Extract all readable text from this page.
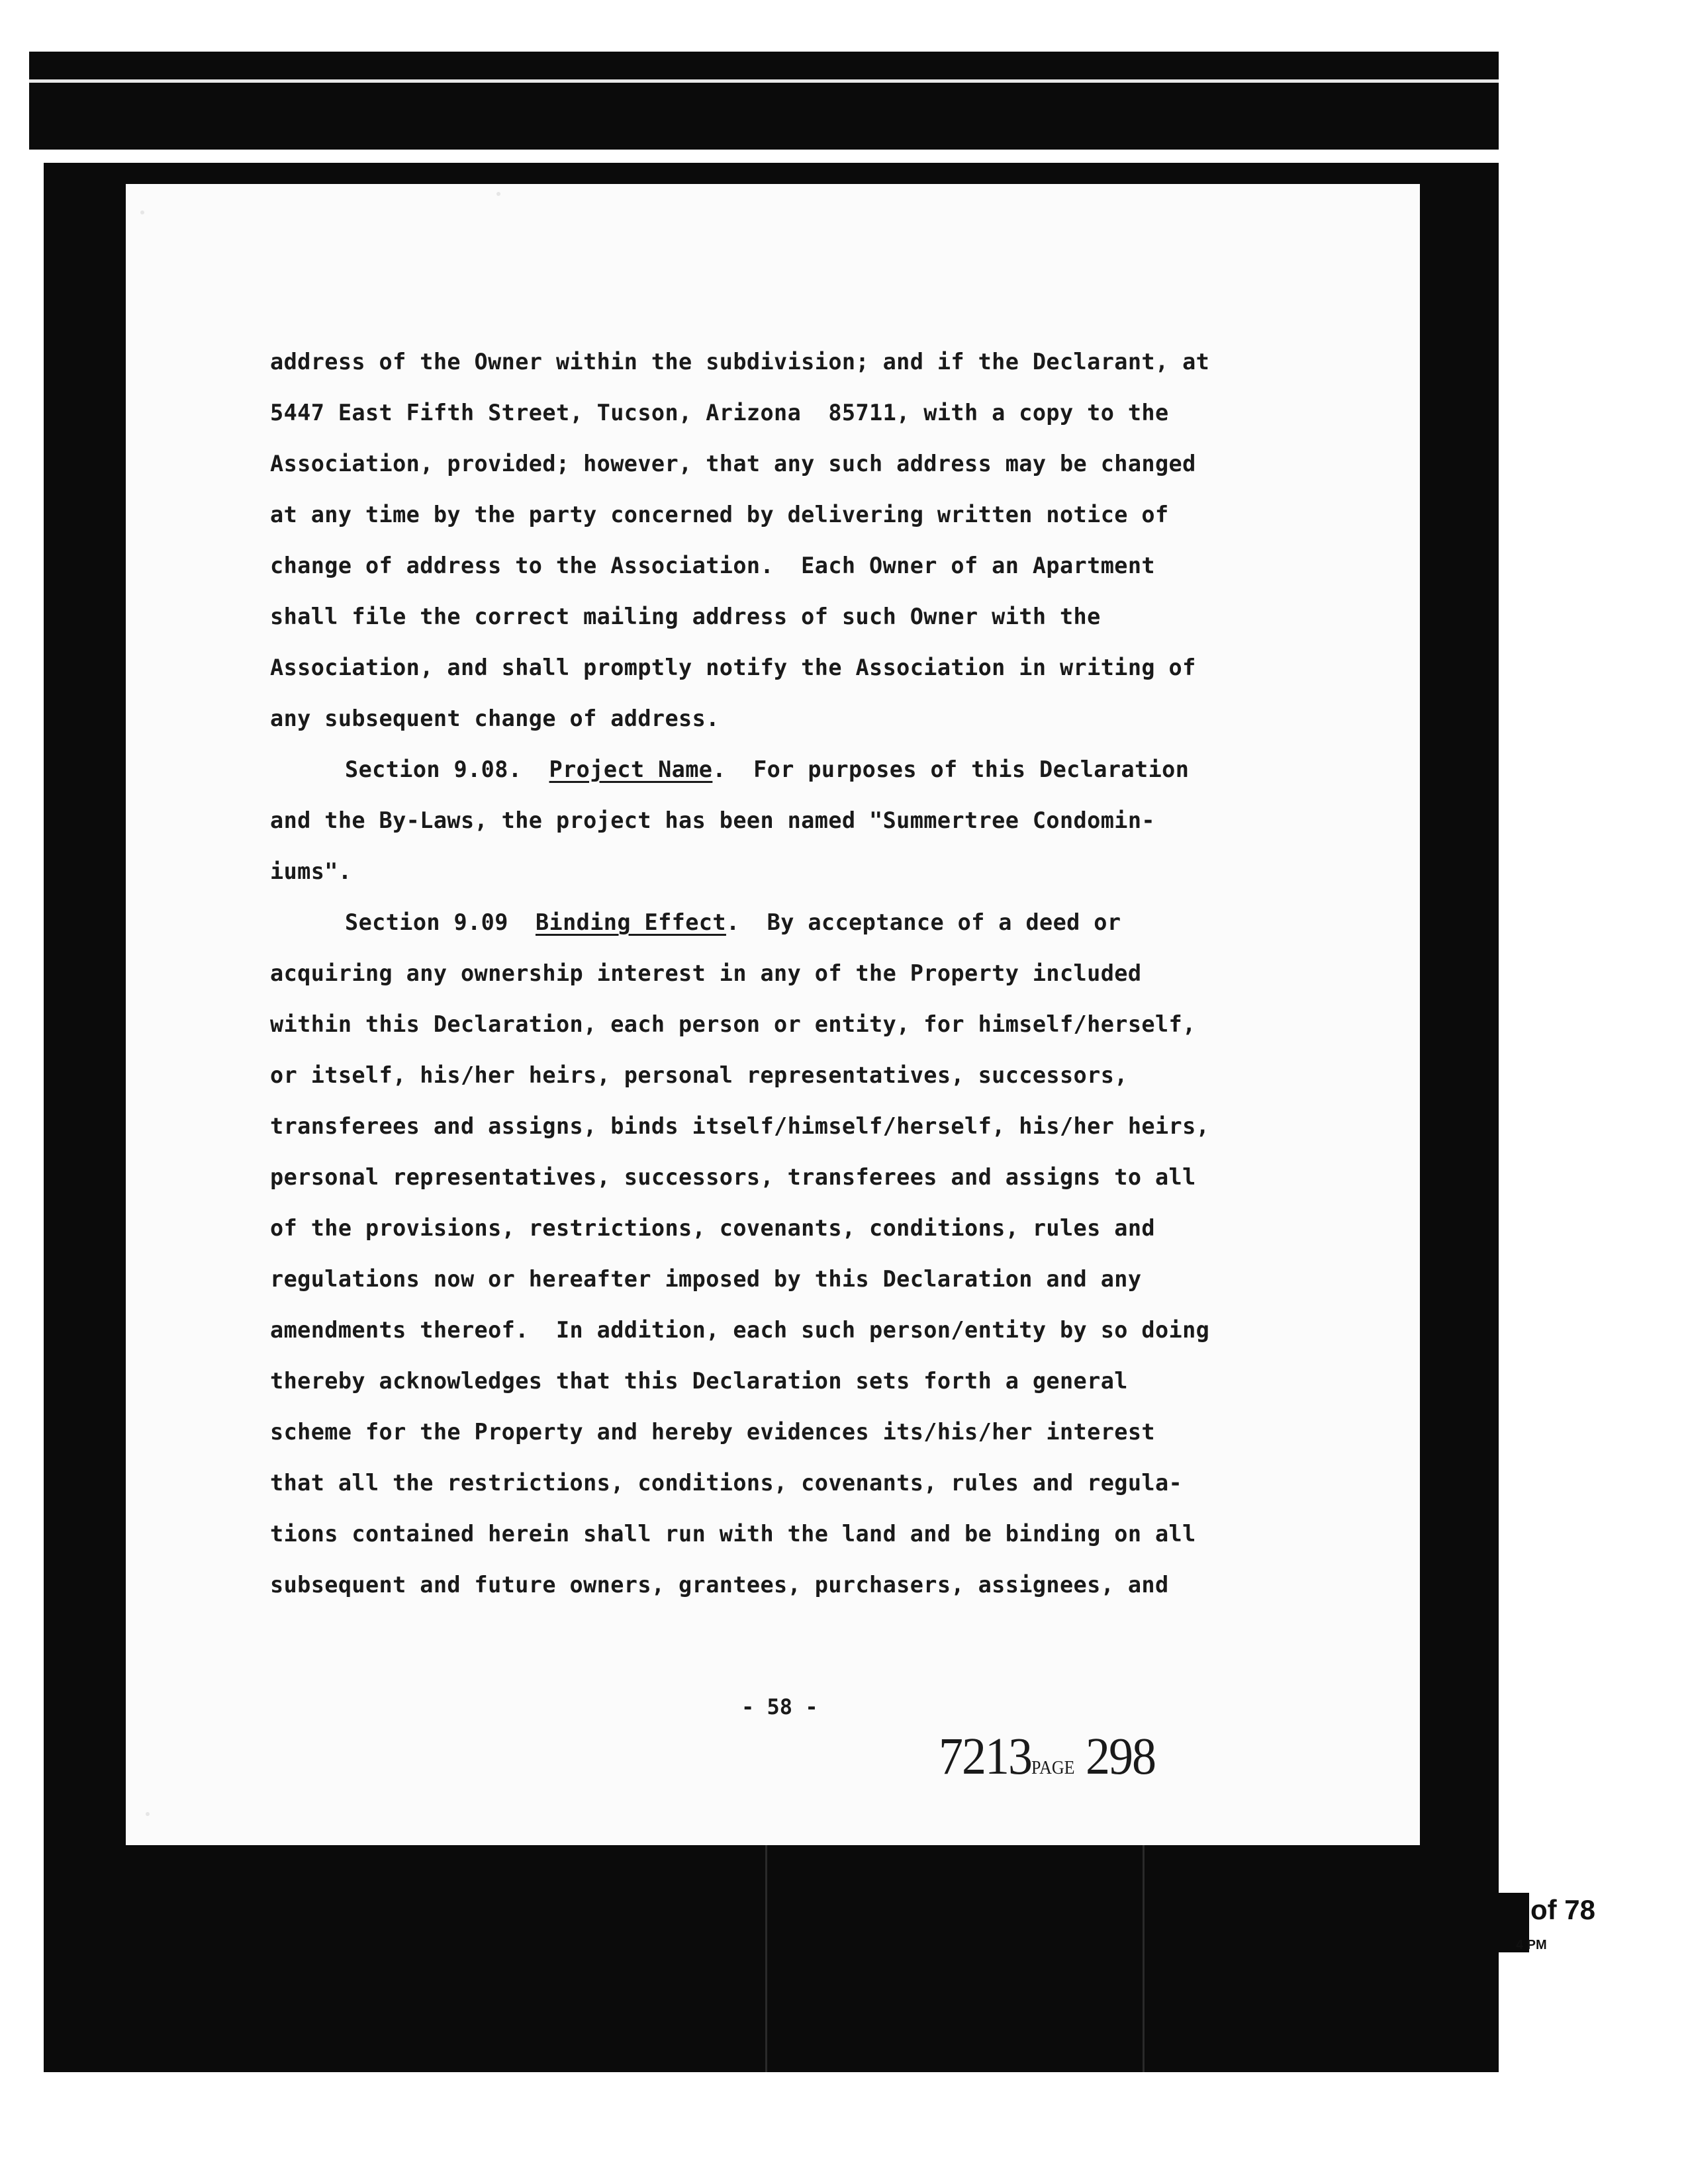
address of the Owner within the subdivision; and if the Declarant, at
5447 East Fifth Street, Tucson, Arizona  85711, with a copy to the
Association, provided; however, that any such address may be changed
at any time by the party concerned by delivering written notice of
change of address to the Association.  Each Owner of an Apartment
shall file the correct mailing address of such Owner with the
Association, and shall promptly notify the Association in writing of
any subsequent change of address.
Section 9.08. Project Name.  For purposes of this Declaration
and the By-Laws, the project has been named "Summertree Condomin-
iums".
Section 9.09 Binding Effect.  By acceptance of a deed or
acquiring any ownership interest in any of the Property included
within this Declaration, each person or entity, for himself/herself,
or itself, his/her heirs, personal representatives, successors,
transferees and assigns, binds itself/himself/herself, his/her heirs,
personal representatives, successors, transferees and assigns to all
of the provisions, restrictions, covenants, conditions, rules and
regulations now or hereafter imposed by this Declaration and any
amendments thereof.  In addition, each such person/entity by so doing
thereby acknowledges that this Declaration sets forth a general
scheme for the Property and hereby evidences its/his/her interest
that all the restrictions, conditions, covenants, rules and regula-
tions contained herein shall run with the land and be binding on all
subsequent and future owners, grantees, purchasers, assignees, and
- 58 -
7213PAGE 298
of 78
4 PM
